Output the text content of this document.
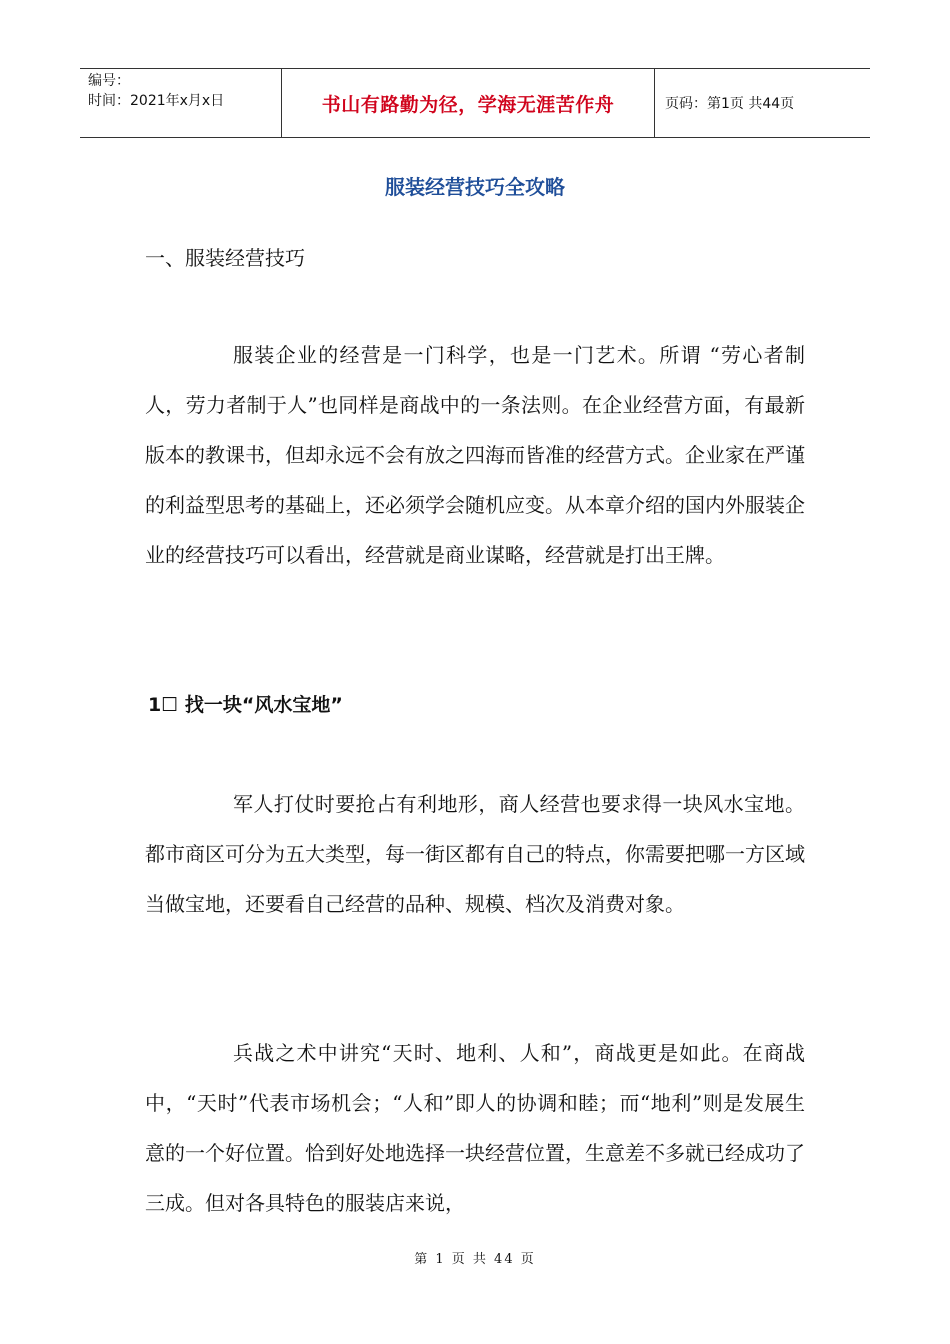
编号：
时间：2021年x月x日	书山有路勤为径，学海无涯苦作舟	页码：第1页 共44页
服装经营技巧全攻略
一、服装经营技巧

服装企业的经营是一门科学，也是一门艺术。所谓 “劳心者制人，劳力者制于人”也同样是商战中的一条法则。在企业经营方面，有最新版本的教课书，但却永远不会有放之四海而皆准的经营方式。企业家在严谨的利益型思考的基础上，还必须学会随机应变。从本章介绍的国内外服装企业的经营技巧可以看出，经营就是商业谋略，经营就是打出王牌。

1☐ 找一块“风水宝地”

军人打仗时要抢占有利地形，商人经营也要求得一块风水宝地。都市商区可分为五大类型，每一街区都有自己的特点，你需要把哪一方区域当做宝地，还要看自己经营的品种、规模、档次及消费对象。

兵战之术中讲究“天时、地利、人和”，商战更是如此。在商战中，“天时”代表市场机会；“人和”即人的协调和睦；而“地利”则是发展生意的一个好位置。恰到好处地选择一块经营位置，生意差不多就已经成功了三成。但对各具特色的服装店来说，

第 1 页 共 44 页
